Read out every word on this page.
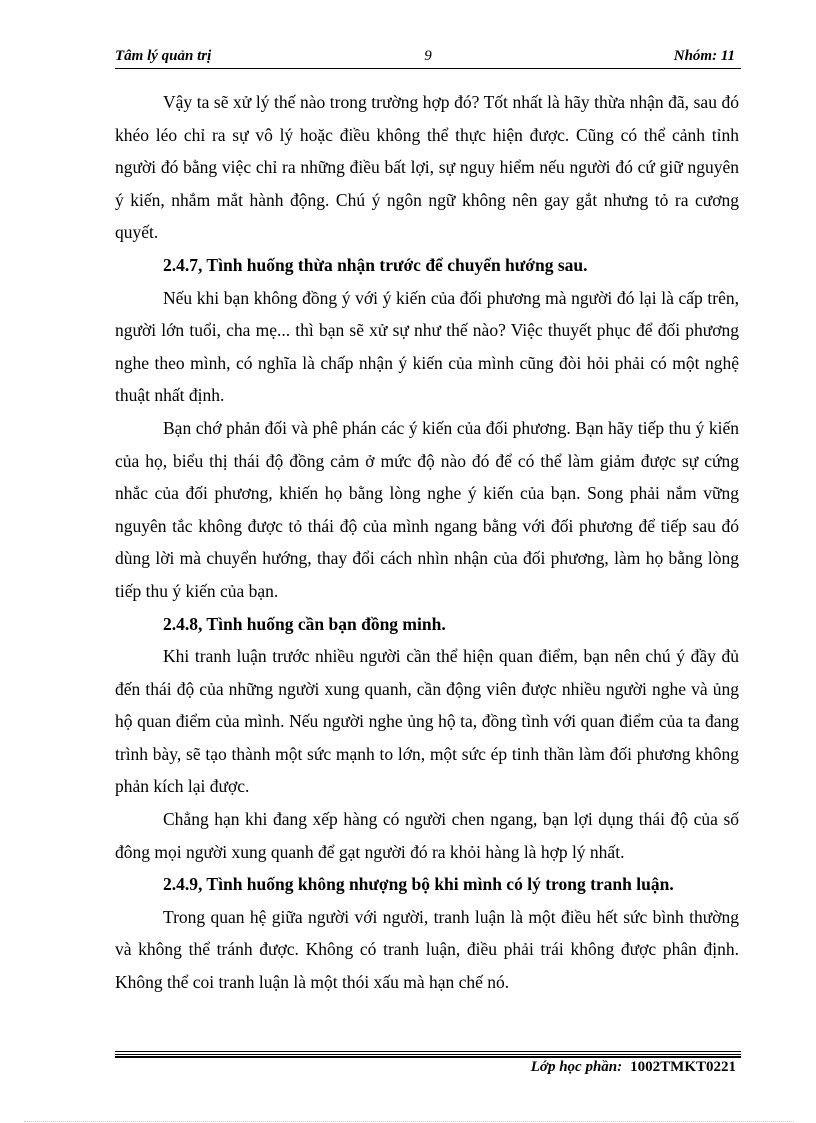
Tâm lý quản trị	9	Nhóm: 11

Vậy ta sẽ xử lý thế nào trong trường hợp đó? Tốt nhất là hãy thừa nhận đã, sau đó khéo léo chỉ ra sự vô lý hoặc điều không thể thực hiện được. Cũng có thể cảnh tỉnh người đó bằng việc chỉ ra những điều bất lợi, sự nguy hiểm nếu người đó cứ giữ nguyên ý kiến, nhắm mắt hành động. Chú ý ngôn ngữ không nên gay gắt nhưng tỏ ra cương quyết.

2.4.7, Tình huống thừa nhận trước để chuyển hướng sau.

Nếu khi bạn không đồng ý với ý kiến của đối phương mà người đó lại là cấp trên, người lớn tuổi, cha mẹ... thì bạn sẽ xử sự như thế nào? Việc thuyết phục để đối phương nghe theo mình, có nghĩa là chấp nhận ý kiến của mình cũng đòi hỏi phải có một nghệ thuật nhất định.

Bạn chớ phản đối và phê phán các ý kiến của đối phương. Bạn hãy tiếp thu ý kiến của họ, biểu thị thái độ đồng cảm ở mức độ nào đó để có thể làm giảm được sự cứng nhắc của đối phương, khiến họ bằng lòng nghe ý kiến của bạn. Song phải nắm vững nguyên tắc không được tỏ thái độ của mình ngang bằng với đối phương để tiếp sau đó dùng lời mà chuyển hướng, thay đổi cách nhìn nhận của đối phương, làm họ bằng lòng tiếp thu ý kiến của bạn.

2.4.8, Tình huống cần bạn đồng minh.

Khi tranh luận trước nhiều người cần thể hiện quan điểm, bạn nên chú ý đầy đủ đến thái độ của những người xung quanh, cần động viên được nhiều người nghe và ủng hộ quan điểm của mình. Nếu người nghe ủng hộ ta, đồng tình với quan điểm của ta đang trình bày, sẽ tạo thành một sức mạnh to lớn, một sức ép tinh thần làm đối phương không phản kích lại được.

Chẳng hạn khi đang xếp hàng có người chen ngang, bạn lợi dụng thái độ của số đông mọi người xung quanh để gạt người đó ra khỏi hàng là hợp lý nhất.

2.4.9, Tình huống không nhượng bộ khi mình có lý trong tranh luận.

Trong quan hệ giữa người với người, tranh luận là một điều hết sức bình thường và không thể tránh được. Không có tranh luận, điều phải trái không được phân định. Không thể coi tranh luận là một thói xấu mà hạn chế nó.

Lớp học phần: 1002TMKT0221
